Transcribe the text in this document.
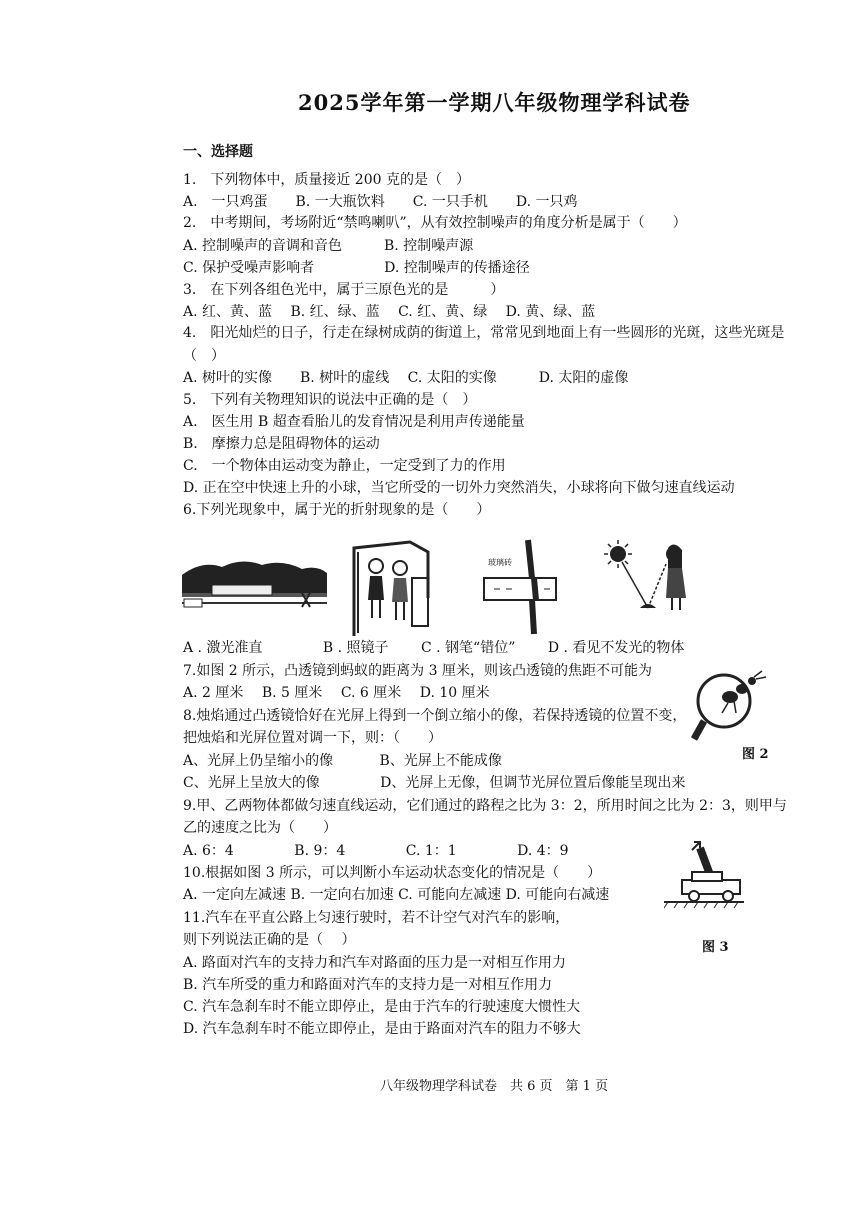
2025学年第一学期八年级物理学科试卷
一、选择题
1.　下列物体中，质量接近 200 克的是（　）
A.　一只鸡蛋　　B. 一大瓶饮料　　C. 一只手机　　D. 一只鸡
2.　中考期间，考场附近“禁鸣喇叭”，从有效控制噪声的角度分析是属于（　　）
A. 控制噪声的音调和音色　　　B. 控制噪声源
C. 保护受噪声影响者　　　　　D. 控制噪声的传播途径
3.　在下列各组色光中，属于三原色光的是　　　）
A. 红、黄、蓝　 B. 红、绿、蓝　 C. 红、黄、绿　 D. 黄、绿、蓝
4.　阳光灿烂的日子，行走在绿树成荫的街道上，常常见到地面上有一些圆形的光斑，这些光斑是
（　）
A. 树叶的实像　　B. 树叶的虚线　 C. 太阳的实像　　　D. 太阳的虚像
5.　下列有关物理知识的说法中正确的是（　）
A.　医生用 B 超查看胎儿的发育情况是利用声传递能量
B.　摩擦力总是阻碍物体的运动
C.　一个物体由运动变为静止，一定受到了力的作用
D. 正在空中快速上升的小球，当它所受的一切外力突然消失，小球将向下做匀速直线运动
6.下列光现象中，属于光的折射现象的是（　　）
玻璃砖
A . 激光准直　　　　 B . 照镜子　　 C . 钢笔“错位”　　 D . 看见不发光的物体
7.如图 2 所示，凸透镜到蚂蚁的距离为 3 厘米，则该凸透镜的焦距不可能为
A. 2 厘米　 B. 5 厘米　 C. 6 厘米　 D. 10 厘米
8.烛焰通过凸透镜恰好在光屏上得到一个倒立缩小的像，若保持透镜的位置不变，
把烛焰和光屏位置对调一下，则：（　　）
A、光屏上仍呈缩小的像　　　 B、光屏上不能成像
C、光屏上呈放大的像　　　　 D、光屏上无像，但调节光屏位置后像能呈现出来
9.甲、乙两物体都做匀速直线运动，它们通过的路程之比为 3：2，所用时间之比为 2：3，则甲与
乙的速度之比为（　　）
A. 6：4　　　　 B. 9：4　　　　 C. 1：1　　　　 D. 4：9
10.根据如图 3 所示，可以判断小车运动状态变化的情况是（　　）
A. 一定向左减速 B. 一定向右加速 C. 可能向左减速 D. 可能向右减速
11.汽车在平直公路上匀速行驶时，若不计空气对汽车的影响，
则下列说法正确的是（　 ）
A. 路面对汽车的支持力和汽车对路面的压力是一对相互作用力
B. 汽车所受的重力和路面对汽车的支持力是一对相互作用力
C. 汽车急刹车时不能立即停止，是由于汽车的行驶速度大惯性大
D. 汽车急刹车时不能立即停止，是由于路面对汽车的阻力不够大
图 2
图 3
八年级物理学科试卷　共 6 页　第 1 页
